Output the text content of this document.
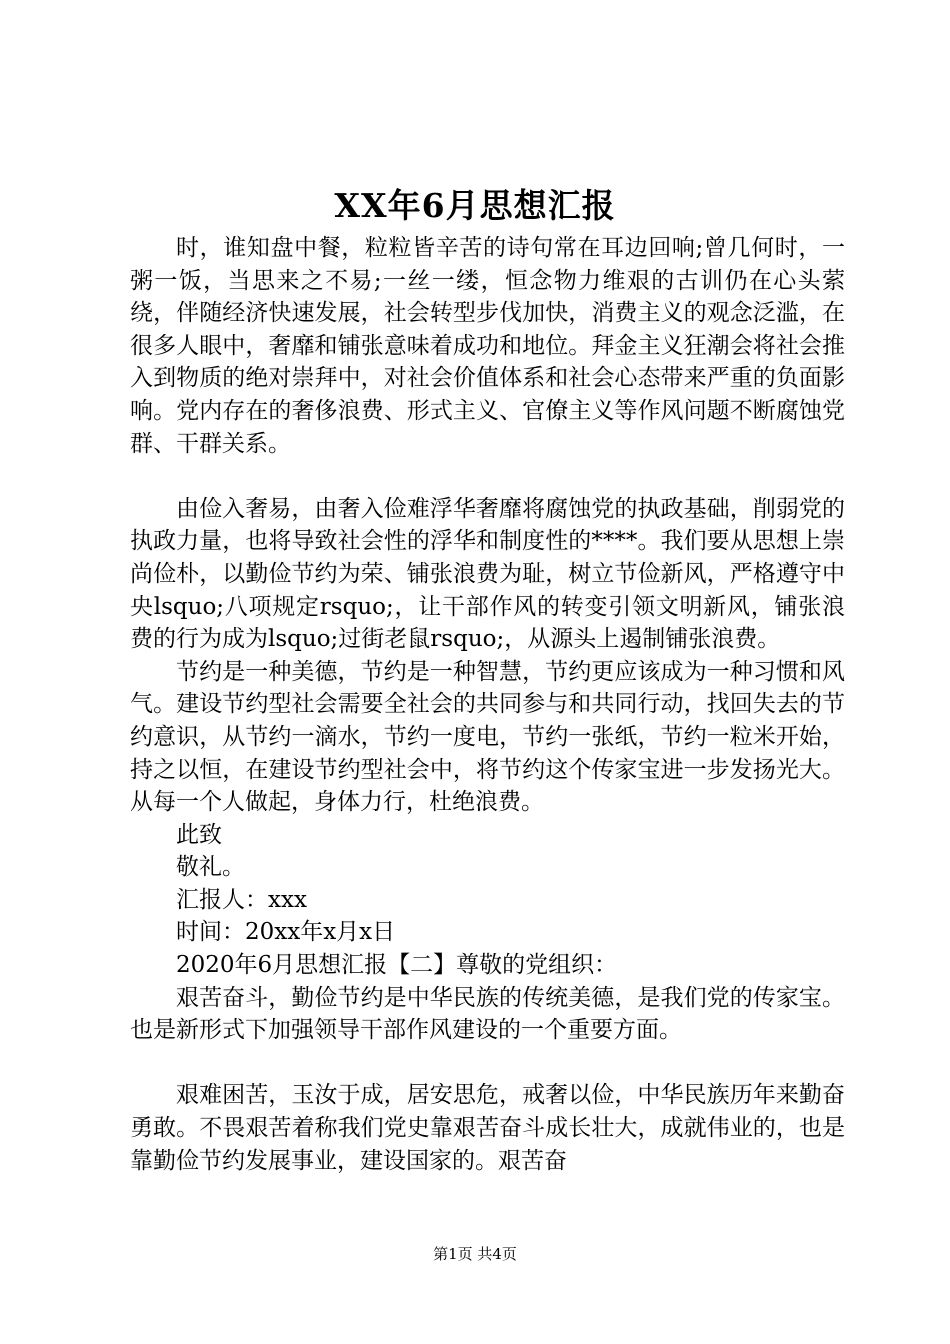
XX年6月思想汇报

时，谁知盘中餐，粒粒皆辛苦的诗句常在耳边回响;曾几何时，一粥一饭，当思来之不易;一丝一缕，恒念物力维艰的古训仍在心头萦绕，伴随经济快速发展，社会转型步伐加快，消费主义的观念泛滥，在很多人眼中，奢靡和铺张意味着成功和地位。拜金主义狂潮会将社会推入到物质的绝对崇拜中，对社会价值体系和社会心态带来严重的负面影响。党内存在的奢侈浪费、形式主义、官僚主义等作风问题不断腐蚀党群、干群关系。

由俭入奢易，由奢入俭难浮华奢靡将腐蚀党的执政基础，削弱党的执政力量，也将导致社会性的浮华和制度性的****。我们要从思想上崇尚俭朴，以勤俭节约为荣、铺张浪费为耻，树立节俭新风，严格遵守中央lsquo;八项规定rsquo;，让干部作风的转变引领文明新风，铺张浪费的行为成为lsquo;过街老鼠rsquo;，从源头上遏制铺张浪费。

节约是一种美德，节约是一种智慧，节约更应该成为一种习惯和风气。建设节约型社会需要全社会的共同参与和共同行动，找回失去的节约意识，从节约一滴水，节约一度电，节约一张纸，节约一粒米开始，持之以恒，在建设节约型社会中，将节约这个传家宝进一步发扬光大。从每一个人做起，身体力行，杜绝浪费。

此致

敬礼。

汇报人：xxx

时间：20xx年x月x日

2020年6月思想汇报【二】尊敬的党组织：

艰苦奋斗，勤俭节约是中华民族的传统美德，是我们党的传家宝。也是新形式下加强领导干部作风建设的一个重要方面。

艰难困苦，玉汝于成，居安思危，戒奢以俭，中华民族历年来勤奋勇敢。不畏艰苦着称我们党史靠艰苦奋斗成长壮大，成就伟业的，也是靠勤俭节约发展事业，建设国家的。艰苦奋

第1页 共4页
